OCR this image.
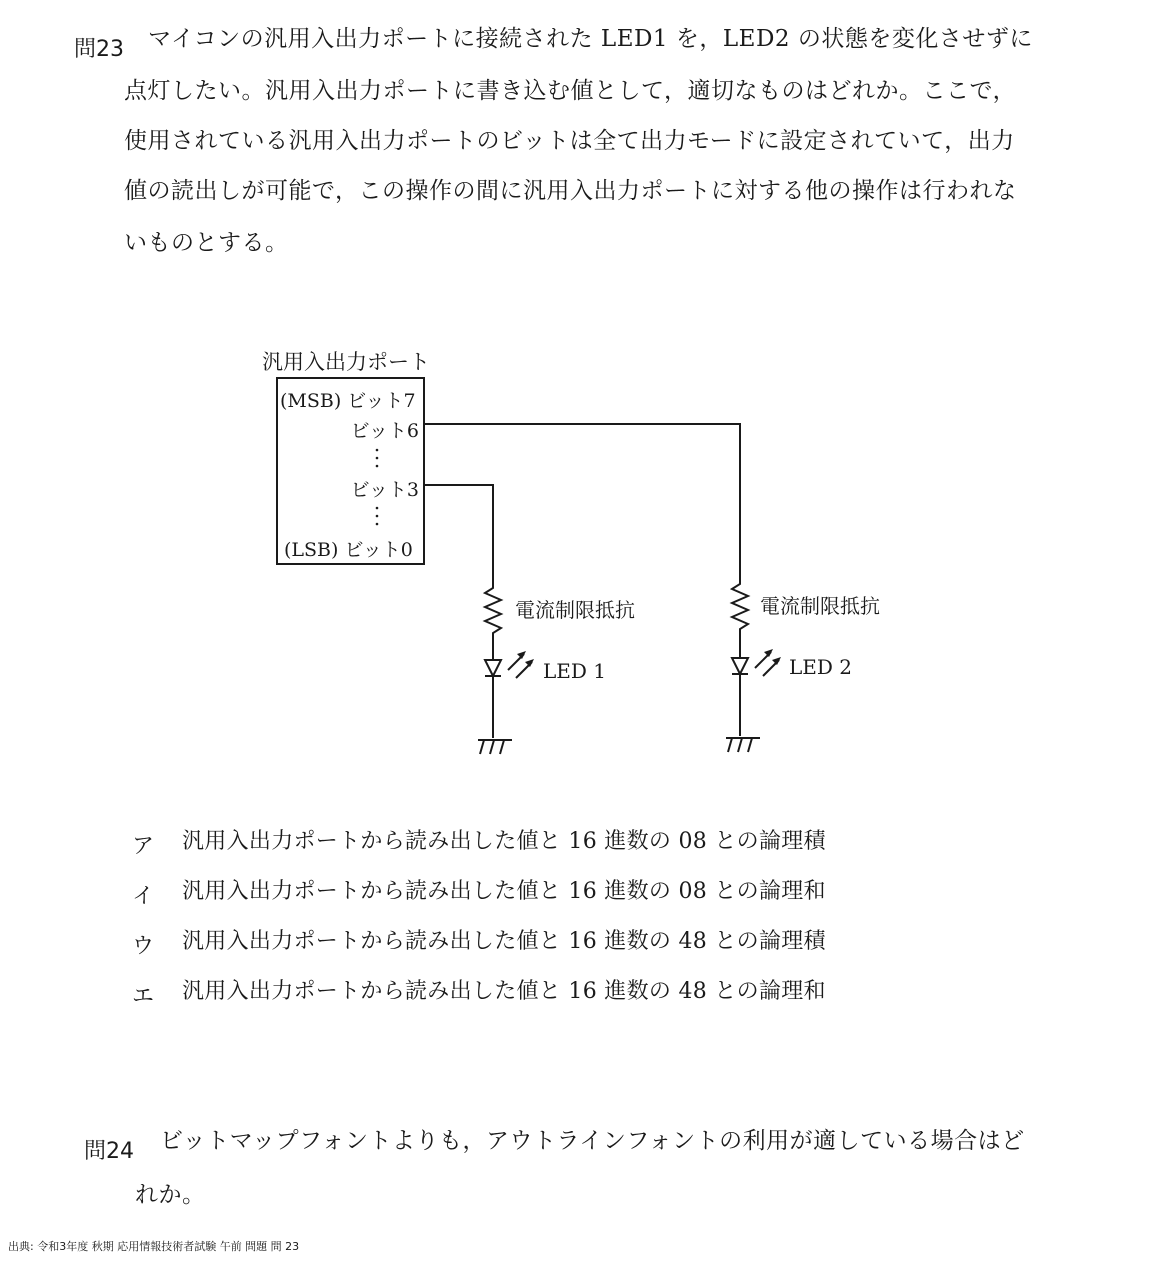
問23 マイコンの汎用入出力ポートに接続された LED1 を，LED2 の状態を変化させずに
点灯したい。汎用入出力ポートに書き込む値として，適切なものはどれか。ここで，
使用されている汎用入出力ポートのビットは全て出力モードに設定されていて，出力
値の読出しが可能で，この操作の間に汎用入出力ポートに対する他の操作は行われな
いものとする。
汎用入出力ポート
(MSB) ビット7
ビット6
ビット3
(LSB) ビット0
電流制限抵抗	電流制限抵抗
LED 1	LED 2
ア 汎用入出力ポートから読み出した値と 16 進数の 08 との論理積
イ 汎用入出力ポートから読み出した値と 16 進数の 08 との論理和
ウ 汎用入出力ポートから読み出した値と 16 進数の 48 との論理積
エ 汎用入出力ポートから読み出した値と 16 進数の 48 との論理和
問24 ビットマップフォントよりも，アウトラインフォントの利用が適している場合はど
れか。
出典: 令和3年度 秋期 応用情報技術者試験 午前 問題 問 23
